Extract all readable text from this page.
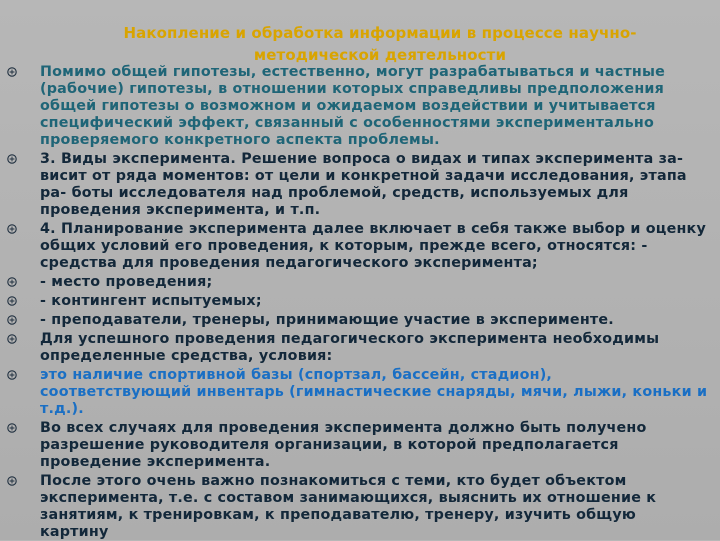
Накопление и обработка информации в процессе научно- методической деятельности
Помимо общей гипотезы, естественно, могут разрабатываться и частные (рабочие) гипотезы, в отношении которых справедливы предположения общей гипотезы о возможном и ожидаемом воздействии и учитывается специфический эффект, связанный с особенностями экспериментально проверяемого конкретного аспекта проблемы.
3. Виды эксперимента. Решение вопроса о видах и типах эксперимента за- висит от ряда моментов: от цели и конкретной задачи исследования, этапа ра- боты исследователя над проблемой, средств, используемых для проведения эксперимента, и т.п.
4. Планирование эксперимента далее включает в себя также выбор и оценку общих условий его проведения, к которым, прежде всего, относятся: - средства для проведения педагогического эксперимента;
- место проведения;
- контингент испытуемых;
- преподаватели, тренеры, принимающие участие в эксперименте.
Для успешного проведения педагогического эксперимента необходимы определенные средства, условия:
это наличие спортивной базы (спортзал, бассейн, стадион), соответствующий инвентарь (гимнастические снаряды, мячи, лыжи, коньки и т.д.).
Во всех случаях для проведения эксперимента должно быть получено разрешение руководителя организации, в которой предполагается проведение эксперимента.
После этого очень важно познакомиться с теми, кто будет объектом эксперимента, т.е. с составом занимающихся, выяснить их отношение к занятиям, к тренировкам, к преподавателю, тренеру, изучить общую картину
